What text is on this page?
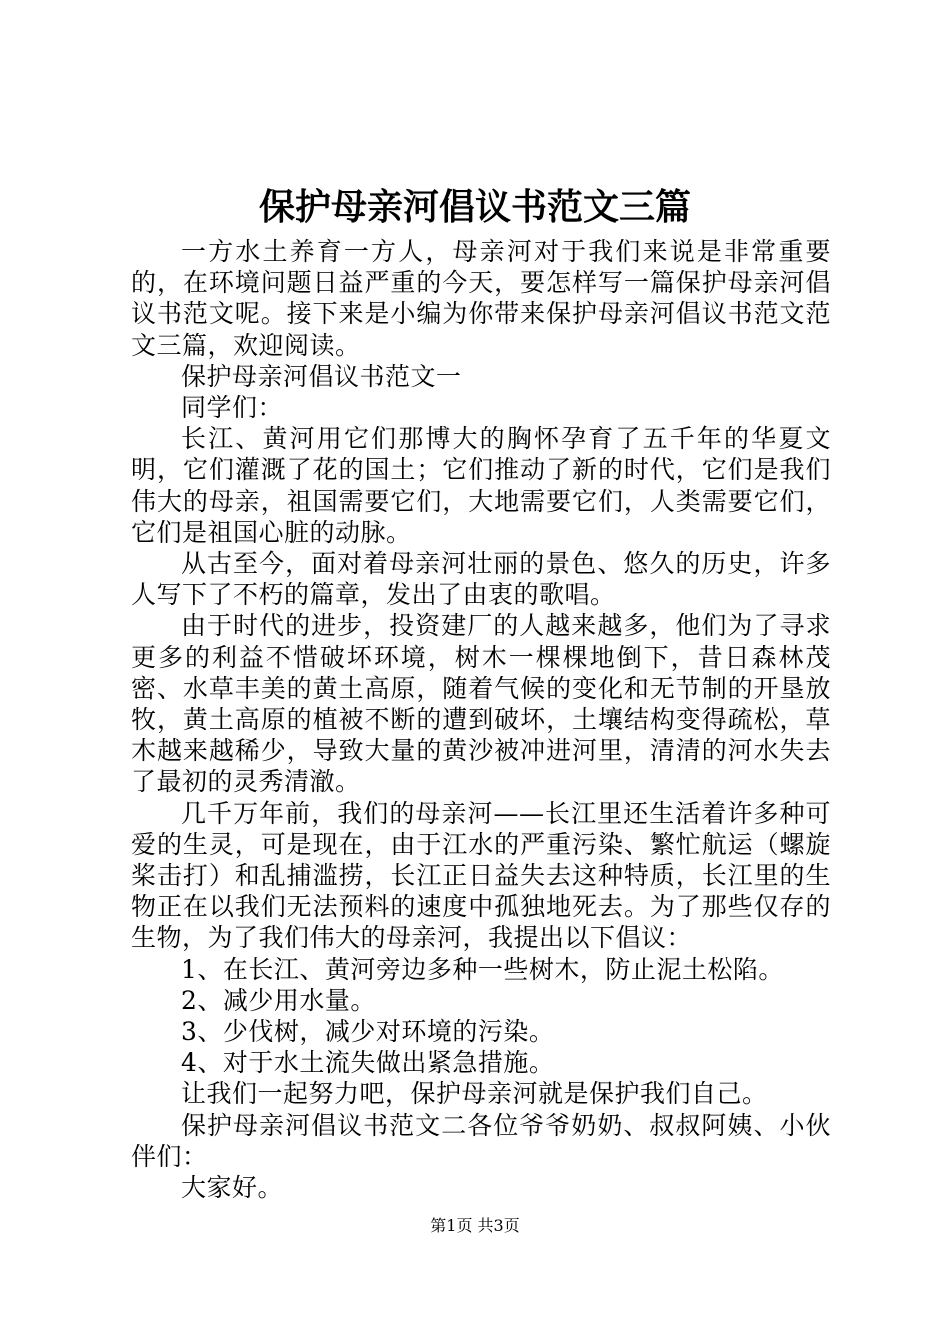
保护母亲河倡议书范文三篇

一方水土养育一方人，母亲河对于我们来说是非常重要的，在环境问题日益严重的今天，要怎样写一篇保护母亲河倡议书范文呢。接下来是小编为你带来保护母亲河倡议书范文范文三篇，欢迎阅读。

保护母亲河倡议书范文一

同学们：

长江、黄河用它们那博大的胸怀孕育了五千年的华夏文明，它们灌溉了花的国土；它们推动了新的时代，它们是我们伟大的母亲，祖国需要它们，大地需要它们，人类需要它们，它们是祖国心脏的动脉。

从古至今，面对着母亲河壮丽的景色、悠久的历史，许多人写下了不朽的篇章，发出了由衷的歌唱。

由于时代的进步，投资建厂的人越来越多，他们为了寻求更多的利益不惜破坏环境，树木一棵棵地倒下，昔日森林茂密、水草丰美的黄土高原，随着气候的变化和无节制的开垦放牧，黄土高原的植被不断的遭到破坏，土壤结构变得疏松，草木越来越稀少，导致大量的黄沙被冲进河里，清清的河水失去了最初的灵秀清澈。

几千万年前，我们的母亲河——长江里还生活着许多种可爱的生灵，可是现在，由于江水的严重污染、繁忙航运（螺旋桨击打）和乱捕滥捞，长江正日益失去这种特质，长江里的生物正在以我们无法预料的速度中孤独地死去。为了那些仅存的生物，为了我们伟大的母亲河，我提出以下倡议：

1、在长江、黄河旁边多种一些树木，防止泥土松陷。

2、减少用水量。

3、少伐树，减少对环境的污染。

4、对于水土流失做出紧急措施。

让我们一起努力吧，保护母亲河就是保护我们自己。

保护母亲河倡议书范文二各位爷爷奶奶、叔叔阿姨、小伙伴们：

大家好。

第1页 共3页
